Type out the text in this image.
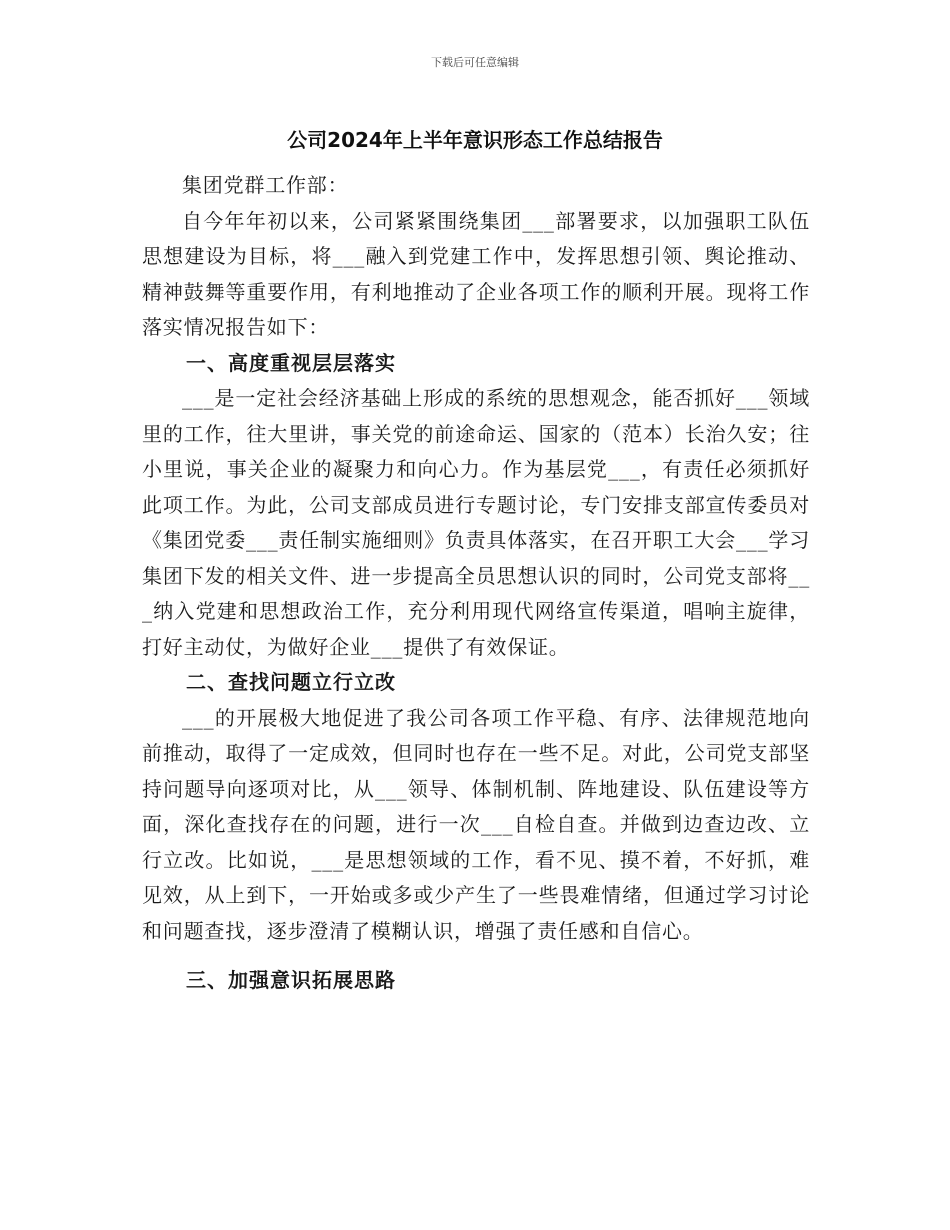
下载后可任意编辑
公司2024年上半年意识形态工作总结报告

集团党群工作部：

自今年年初以来，公司紧紧围绕集团___部署要求，以加强职工队伍思想建设为目标，将___融入到党建工作中，发挥思想引领、舆论推动、精神鼓舞等重要作用，有利地推动了企业各项工作的顺利开展。现将工作落实情况报告如下：

一、高度重视层层落实

___是一定社会经济基础上形成的系统的思想观念，能否抓好___领域里的工作，往大里讲，事关党的前途命运、国家的（范本）长治久安；往小里说，事关企业的凝聚力和向心力。作为基层党___，有责任必须抓好此项工作。为此，公司支部成员进行专题讨论，专门安排支部宣传委员对《集团党委___责任制实施细则》负责具体落实，在召开职工大会___学习集团下发的相关文件、进一步提高全员思想认识的同时，公司党支部将___纳入党建和思想政治工作，充分利用现代网络宣传渠道，唱响主旋律，打好主动仗，为做好企业___提供了有效保证。

二、查找问题立行立改

___的开展极大地促进了我公司各项工作平稳、有序、法律规范地向前推动，取得了一定成效，但同时也存在一些不足。对此，公司党支部坚持问题导向逐项对比，从___领导、体制机制、阵地建设、队伍建设等方面，深化查找存在的问题，进行一次___自检自查。并做到边查边改、立行立改。比如说，___是思想领域的工作，看不见、摸不着，不好抓，难见效，从上到下，一开始或多或少产生了一些畏难情绪，但通过学习讨论和问题查找，逐步澄清了模糊认识，增强了责任感和自信心。

三、加强意识拓展思路
